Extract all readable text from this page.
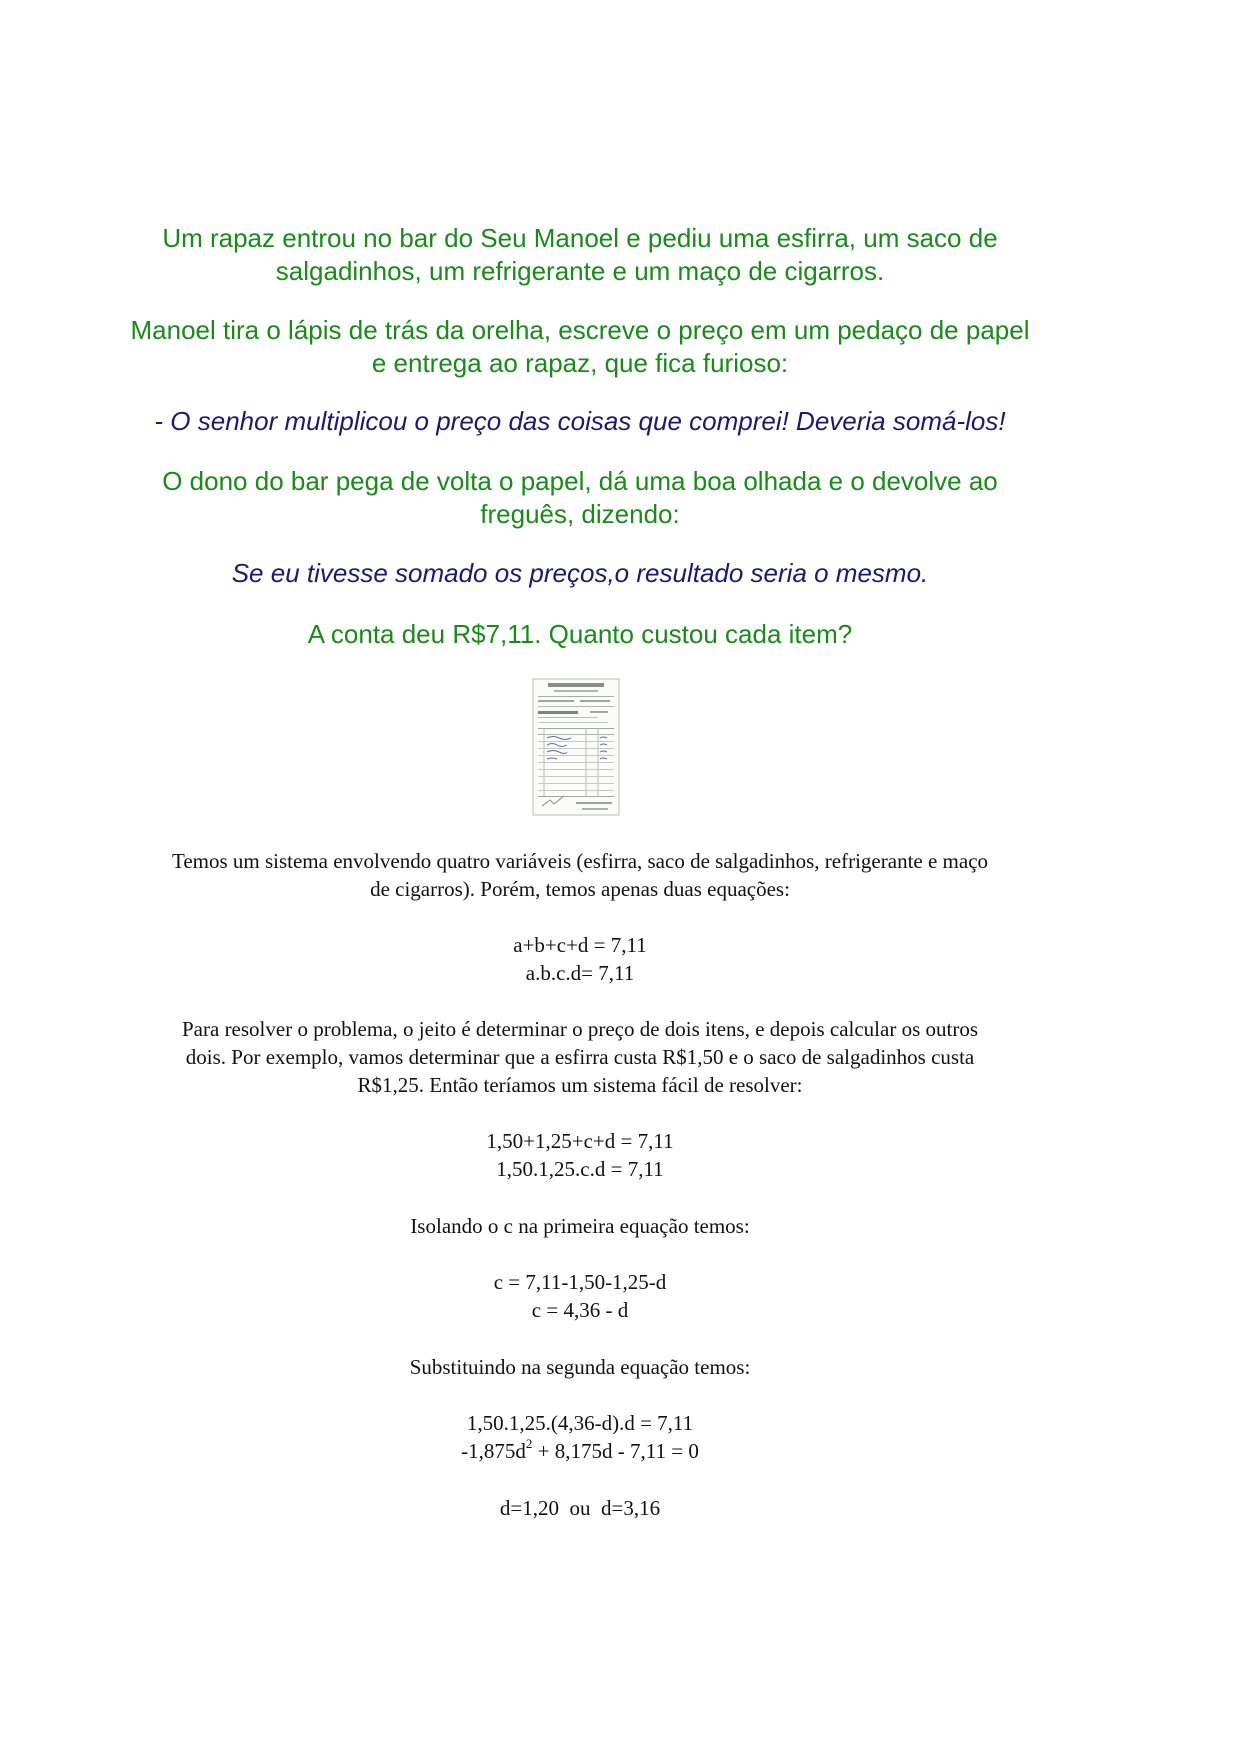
Um rapaz entrou no bar do Seu Manoel e pediu uma esfirra, um saco de
salgadinhos, um refrigerante e um maço de cigarros.
Manoel tira o lápis de trás da orelha, escreve o preço em um pedaço de papel
e entrega ao rapaz, que fica furioso:
- O senhor multiplicou o preço das coisas que comprei! Deveria somá-los!
O dono do bar pega de volta o papel, dá uma boa olhada e o devolve ao
freguês, dizendo:
Se eu tivesse somado os preços,o resultado seria o mesmo.
A conta deu R$7,11. Quanto custou cada item?
Temos um sistema envolvendo quatro variáveis (esfirra, saco de salgadinhos, refrigerante e maço
de cigarros). Porém, temos apenas duas equações:
a+b+c+d = 7,11
a.b.c.d= 7,11
Para resolver o problema, o jeito é determinar o preço de dois itens, e depois calcular os outros
dois. Por exemplo, vamos determinar que a esfirra custa R$1,50 e o saco de salgadinhos custa
R$1,25. Então teríamos um sistema fácil de resolver:
1,50+1,25+c+d = 7,11
1,50.1,25.c.d = 7,11
Isolando o c na primeira equação temos:
c = 7,11-1,50-1,25-d
c = 4,36 - d
Substituindo na segunda equação temos:
1,50.1,25.(4,36-d).d = 7,11
$-1,875d^2 + 8,175d - 7,11 = 0$
d=1,20  ou  d=3,16
